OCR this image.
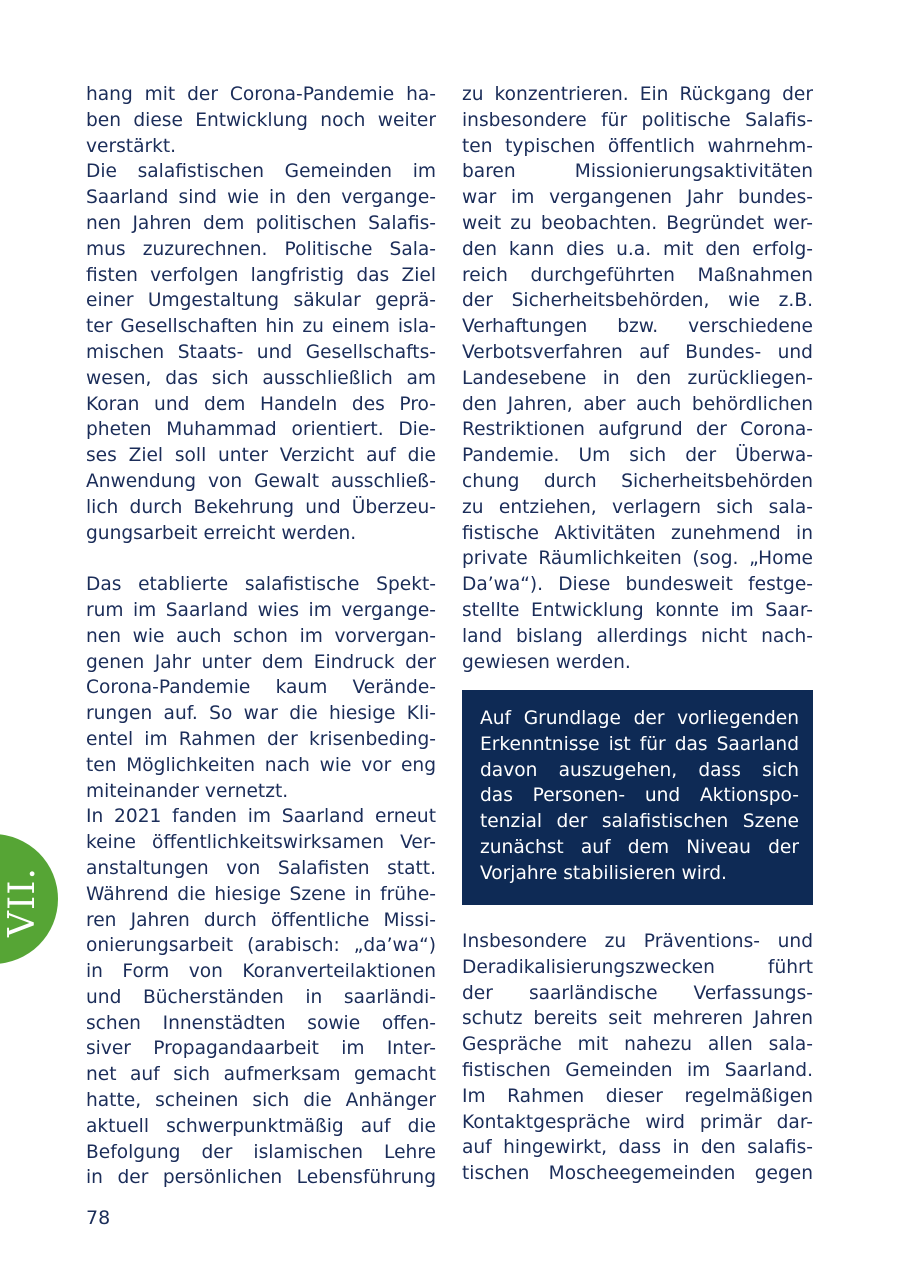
hang mit der Corona-Pandemie ha-
ben diese Entwicklung noch weiter
verstärkt.
Die salafistischen Gemeinden im
Saarland sind wie in den vergange-
nen Jahren dem politischen Salafis-
mus zuzurechnen. Politische Sala-
fisten verfolgen langfristig das Ziel
einer Umgestaltung säkular geprä-
ter Gesellschaften hin zu einem isla-
mischen Staats- und Gesellschafts-
wesen, das sich ausschließlich am
Koran und dem Handeln des Pro-
pheten Muhammad orientiert. Die-
ses Ziel soll unter Verzicht auf die
Anwendung von Gewalt ausschließ-
lich durch Bekehrung und Überzeu-
gungsarbeit erreicht werden.
Das etablierte salafistische Spekt-
rum im Saarland wies im vergange-
nen wie auch schon im vorvergan-
genen Jahr unter dem Eindruck der
Corona-Pandemie kaum Verände-
rungen auf. So war die hiesige Kli-
entel im Rahmen der krisenbeding-
ten Möglichkeiten nach wie vor eng
miteinander vernetzt.
In 2021 fanden im Saarland erneut
keine öffentlichkeitswirksamen Ver-
anstaltungen von Salafisten statt.
Während die hiesige Szene in frühe-
ren Jahren durch öffentliche Missi-
onierungsarbeit (arabisch: „da’wa“)
in Form von Koranverteilaktionen
und Bücherständen in saarländi-
schen Innenstädten sowie offen-
siver Propagandaarbeit im Inter-
net auf sich aufmerksam gemacht
hatte, scheinen sich die Anhänger
aktuell schwerpunktmäßig auf die
Befolgung der islamischen Lehre
in der persönlichen Lebensführung
zu konzentrieren. Ein Rückgang der
insbesondere für politische Salafis-
ten typischen öffentlich wahrnehm-
baren Missionierungsaktivitäten
war im vergangenen Jahr bundes-
weit zu beobachten. Begründet wer-
den kann dies u.a. mit den erfolg-
reich durchgeführten Maßnahmen
der Sicherheitsbehörden, wie z.B.
Verhaftungen bzw. verschiedene
Verbotsverfahren auf Bundes- und
Landesebene in den zurückliegen-
den Jahren, aber auch behördlichen
Restriktionen aufgrund der Corona-
Pandemie. Um sich der Überwa-
chung durch Sicherheitsbehörden
zu entziehen, verlagern sich sala-
fistische Aktivitäten zunehmend in
private Räumlichkeiten (sog. „Home
Da’wa“). Diese bundesweit festge-
stellte Entwicklung konnte im Saar-
land bislang allerdings nicht nach-
gewiesen werden.
Auf Grundlage der vorliegenden
Erkenntnisse ist für das Saarland
davon auszugehen, dass sich
das Personen- und Aktionspo-
tenzial der salafistischen Szene
zunächst auf dem Niveau der
Vorjahre stabilisieren wird.
Insbesondere zu Präventions- und
Deradikalisierungszwecken führt
der saarländische Verfassungs-
schutz bereits seit mehreren Jahren
Gespräche mit nahezu allen sala-
fistischen Gemeinden im Saarland.
Im Rahmen dieser regelmäßigen
Kontaktgespräche wird primär dar-
auf hingewirkt, dass in den salafis-
tischen Moscheegemeinden gegen
VII.
78
